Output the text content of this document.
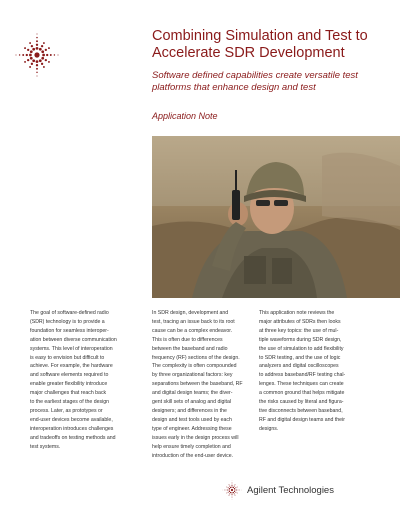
Combining Simulation and Test to
Accelerate SDR Development
Software defined capabilities create versatile test
platforms that enhance design and test
Application Note
The goal of software-defined radio
(SDR) technology is to provide a
foundation for seamless interoper-
ation between diverse communication
systems. This level of interoperation
is easy to envision but difficult to
achieve. For example, the hardware
and software elements required to
enable greater flexibility introduce
major challenges that reach back
to the earliest stages of the design
process. Later, as prototypes or
end-user devices become available,
interoperation introduces challenges
and tradeoffs on testing methods and
test systems.
In SDR design, development and
test, tracing an issue back to its root
cause can be a complex endeavor.
This is often due to differences
between the baseband and radio
frequency (RF) sections of the design.
The complexity is often compounded
by three organizational factors: key
separations between the baseband, RF
and digital design teams; the diver-
gent skill sets of analog and digital
designers; and differences in the
design and test tools used by each
type of engineer. Addressing these
issues early in the design process will
help ensure timely completion and
introduction of the end-user device.
This application note reviews the
major attributes of SDRs then looks
at three key topics: the use of mul-
tiple waveforms during SDR design,
the use of simulation to add flexibility
to SDR testing, and the use of logic
analyzers and digital oscilloscopes
to address baseband/RF testing chal-
lenges. These techniques can create
a common ground that helps mitigate
the risks caused by literal and figura-
tive disconnects between baseband,
RF and digital design teams and their
designs.
Agilent Technologies
